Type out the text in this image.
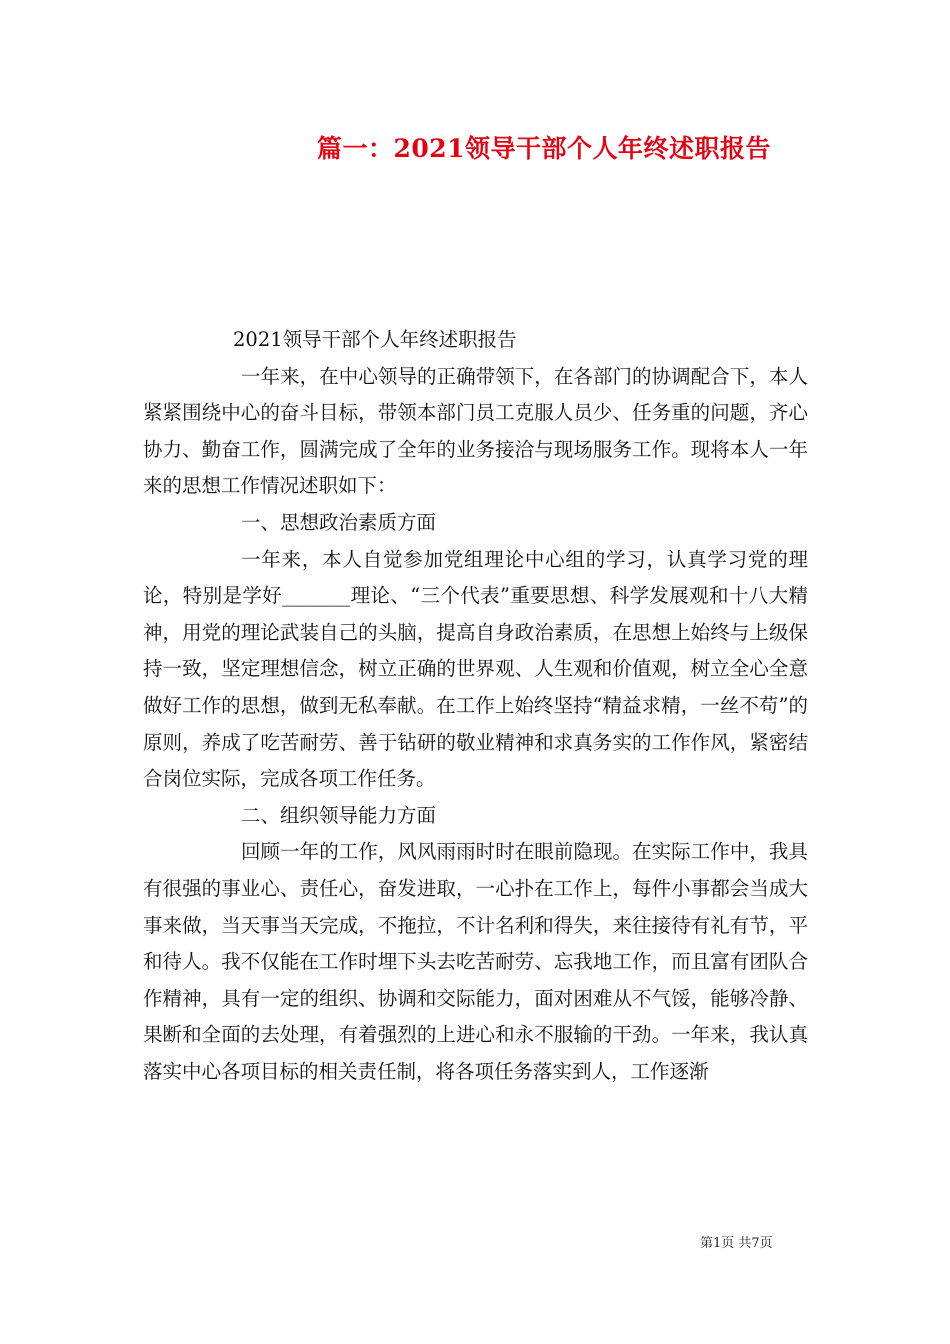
篇一：2021领导干部个人年终述职报告

2021领导干部个人年终述职报告

一年来，在中心领导的正确带领下，在各部门的协调配合下，本人紧紧围绕中心的奋斗目标，带领本部门员工克服人员少、任务重的问题，齐心协力、勤奋工作，圆满完成了全年的业务接洽与现场服务工作。现将本人一年来的思想工作情况述职如下：

一、思想政治素质方面

一年来，本人自觉参加党组理论中心组的学习，认真学习党的理论，特别是学好_______理论、“三个代表”重要思想、科学发展观和十八大精神，用党的理论武装自己的头脑，提高自身政治素质，在思想上始终与上级保持一致，坚定理想信念，树立正确的世界观、人生观和价值观，树立全心全意做好工作的思想，做到无私奉献。在工作上始终坚持“精益求精，一丝不苟”的原则，养成了吃苦耐劳、善于钻研的敬业精神和求真务实的工作作风，紧密结合岗位实际，完成各项工作任务。

二、组织领导能力方面

回顾一年的工作，风风雨雨时时在眼前隐现。在实际工作中，我具有很强的事业心、责任心，奋发进取，一心扑在工作上，每件小事都会当成大事来做，当天事当天完成，不拖拉，不计名利和得失，来往接待有礼有节，平和待人。我不仅能在工作时埋下头去吃苦耐劳、忘我地工作，而且富有团队合作精神，具有一定的组织、协调和交际能力，面对困难从不气馁，能够冷静、果断和全面的去处理，有着强烈的上进心和永不服输的干劲。一年来，我认真落实中心各项目标的相关责任制，将各项任务落实到人，工作逐渐

第1页 共7页
